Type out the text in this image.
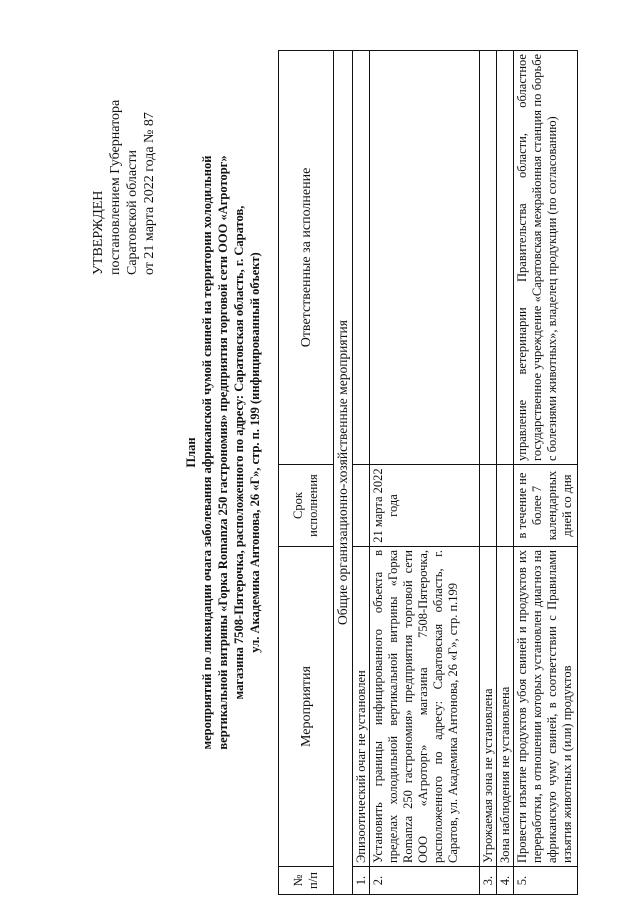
УТВЕРЖДЕН постановлением Губернатора Саратовской области от 21 марта 2022 года № 87
План мероприятий по ликвидации очага заболевания африканской чумой свиней на территории холодильной вертикальной витрины «Горка Romanza 250 гастрономия» предприятия торговой сети ООО «Агроторг» магазина 7508-Пятерочка, расположенного по адресу: Саратовская область, г. Саратов, ул. Академика Антонова, 26 «Г», стр. п. 199 (инфицированный объект)
№ п/п
Мероприятия
Срок исполнения
Ответственные за исполнение
Общие организационно-хозяйственные мероприятия
1.
Эпизоотический очаг не установлен
2.
Установить границы инфицированного объекта в пределах холодильной вертикальной витрины «Горка Romanza 250 гастрономия» предприятия торговой сети ООО «Агроторг» магазина 7508-Пятерочка, расположенного по адресу: Саратовская область, г. Саратов, ул. Академика Антонова, 26 «Г», стр. п.199
21 марта 2022 года
3.
Угрожаемая зона не установлена
4.
Зона наблюдения не установлена
5.
Провести изъятие продуктов убоя свиней и продуктов их переработки, в отношении которых установлен диагноз на африканскую чуму свиней, в соответствии с Правилами изъятия животных и (или) продуктов
в течение не более 7 календарных дней со дня
управление ветеринарии Правительства области, областное государственное учреждение «Саратовская межрайонная станция по борьбе с болезнями животных», владелец продукции (по согласованию)
